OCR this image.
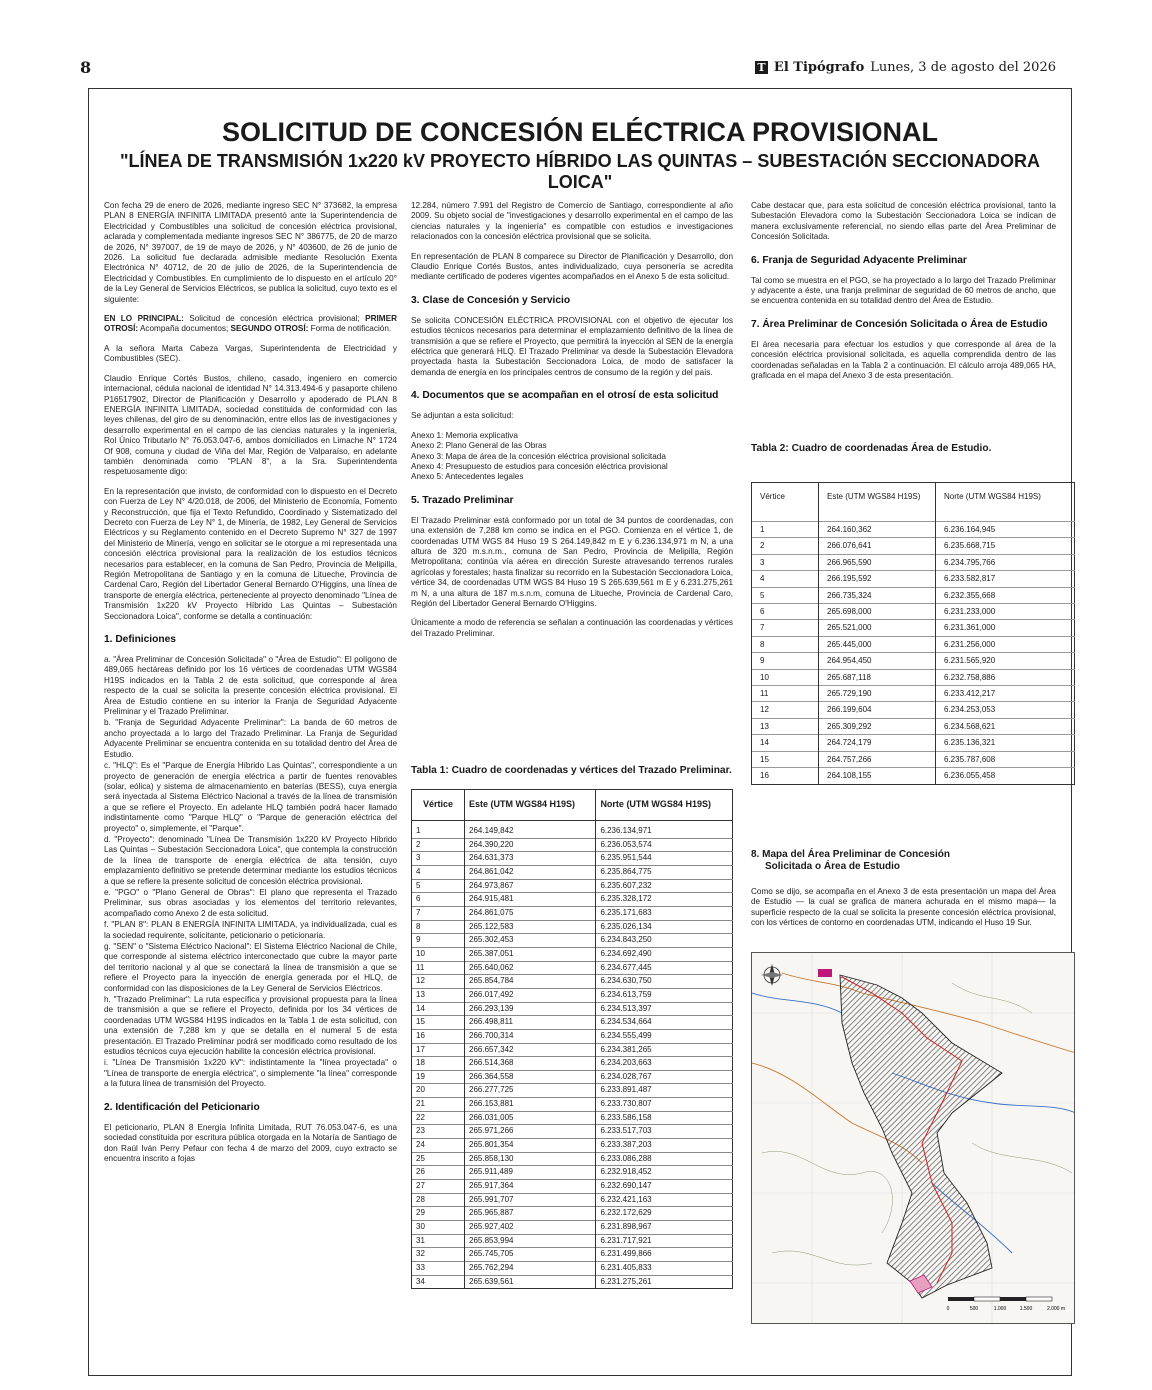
8	T El Tipógrafo Lunes, 3 de agosto del 2026
SOLICITUD DE CONCESIÓN ELÉCTRICA PROVISIONAL
"LÍNEA DE TRANSMISIÓN 1x220 kV PROYECTO HÍBRIDO LAS QUINTAS – SUBESTACIÓN SECCIONADORA LOICA"

Con fecha 29 de enero de 2026, mediante ingreso SEC N° 373682, la empresa PLAN 8 ENERGÍA INFINITA LIMITADA presentó ante la Superintendencia de Electricidad y Combustibles una solicitud de concesión eléctrica provisional, aclarada y complementada mediante ingresos SEC N° 386775, de 20 de marzo de 2026, N° 397007, de 19 de mayo de 2026, y N° 403600, de 26 de junio de 2026. La solicitud fue declarada admisible mediante Resolución Exenta Electrónica N° 40712, de 20 de julio de 2026, de la Superintendencia de Electricidad y Combustibles. En cumplimiento de lo dispuesto en el artículo 20° de la Ley General de Servicios Eléctricos, se publica la solicitud, cuyo texto es el siguiente:

EN LO PRINCIPAL: Solicitud de concesión eléctrica provisional; PRIMER OTROSÍ: Acompaña documentos; SEGUNDO OTROSÍ: Forma de notificación.

A la señora Marta Cabeza Vargas, Superintendenta de Electricidad y Combustibles (SEC).

Claudio Enrique Cortés Bustos, chileno, casado, ingeniero en comercio internacional, cédula nacional de identidad N° 14.313.494-6 y pasaporte chileno P16517902, Director de Planificación y Desarrollo y apoderado de PLAN 8 ENERGÍA INFINITA LIMITADA, sociedad constituida de conformidad con las leyes chilenas, del giro de su denominación, entre ellos las de investigaciones y desarrollo experimental en el campo de las ciencias naturales y la ingeniería, Rol Único Tributario N° 76.053.047-6, ambos domiciliados en Limache N° 1724 Of 908, comuna y ciudad de Viña del Mar, Región de Valparaíso, en adelante también denominada como "PLAN 8", a la Sra. Superintendenta respetuosamente digo:

En la representación que invisto, de conformidad con lo dispuesto en el Decreto con Fuerza de Ley N° 4/20.018, de 2006, del Ministerio de Economía, Fomento y Reconstrucción, que fija el Texto Refundido, Coordinado y Sistematizado del Decreto con Fuerza de Ley N° 1, de Minería, de 1982, Ley General de Servicios Eléctricos y su Reglamento contenido en el Decreto Supremo N° 327 de 1997 del Ministerio de Minería, vengo en solicitar se le otorgue a mi representada una concesión eléctrica provisional para la realización de los estudios técnicos necesarios para establecer, en la comuna de San Pedro, Provincia de Melipilla, Región Metropolitana de Santiago y en la comuna de Litueche, Provincia de Cardenal Caro, Región del Libertador General Bernardo O'Higgins, una línea de transporte de energía eléctrica, perteneciente al proyecto denominado "Línea de Transmisión 1x220 kV Proyecto Híbrido Las Quintas – Subestación Seccionadora Loica", conforme se detalla a continuación:

1. Definiciones

a. "Área Preliminar de Concesión Solicitada" o "Área de Estudio": El polígono de 489,065 hectáreas definido por los 16 vértices de coordenadas UTM WGS84 H19S indicados en la Tabla 2 de esta solicitud, que corresponde al área respecto de la cual se solicita la presente concesión eléctrica provisional. El Área de Estudio contiene en su interior la Franja de Seguridad Adyacente Preliminar y el Trazado Preliminar.

b. "Franja de Seguridad Adyacente Preliminar": La banda de 60 metros de ancho proyectada a lo largo del Trazado Preliminar. La Franja de Seguridad Adyacente Preliminar se encuentra contenida en su totalidad dentro del Área de Estudio.

c. "HLQ": Es el "Parque de Energía Híbrido Las Quintas", correspondiente a un proyecto de generación de energía eléctrica a partir de fuentes renovables (solar, eólica) y sistema de almacenamiento en baterías (BESS), cuya energía será inyectada al Sistema Eléctrico Nacional a través de la línea de transmisión a que se refiere el Proyecto. En adelante HLQ también podrá hacer llamado indistintamente como "Parque HLQ" o "Parque de generación eléctrica del proyecto" o, simplemente, el "Parque".

d. "Proyecto": denominado "Línea De Transmisión 1x220 kV Proyecto Híbrido Las Quintas – Subestación Seccionadora Loica", que contempla la construcción de la línea de transporte de energía eléctrica de alta tensión, cuyo emplazamiento definitivo se pretende determinar mediante los estudios técnicos a que se refiere la presente solicitud de concesión eléctrica provisional.

e. "PGO" o "Plano General de Obras": El plano que representa el Trazado Preliminar, sus obras asociadas y los elementos del territorio relevantes, acompañado como Anexo 2 de esta solicitud.

f. "PLAN 8": PLAN 8 ENERGÍA INFINITA LIMITADA, ya individualizada, cual es la sociedad requirente, solicitante, peticionario o peticionaria.

g. "SEN" o "Sistema Eléctrico Nacional": El Sistema Eléctrico Nacional de Chile, que corresponde al sistema eléctrico interconectado que cubre la mayor parte del territorio nacional y al que se conectará la línea de transmisión a que se refiere el Proyecto para la inyección de energía generada por el HLQ, de conformidad con las disposiciones de la Ley General de Servicios Eléctricos.

h. "Trazado Preliminar": La ruta específica y provisional propuesta para la línea de transmisión a que se refiere el Proyecto, definida por los 34 vértices de coordenadas UTM WGS84 H19S indicados en la Tabla 1 de esta solicitud, con una extensión de 7,288 km y que se detalla en el numeral 5 de esta presentación. El Trazado Preliminar podrá ser modificado como resultado de los estudios técnicos cuya ejecución habilite la concesión eléctrica provisional.

i. "Línea De Transmisión 1x220 kV": indistintamente la "línea proyectada" o "Línea de transporte de energía eléctrica", o simplemente "la línea" corresponde a la futura línea de transmisión del Proyecto.

2. Identificación del Peticionario

El peticionario, PLAN 8 Energía Infinita Limitada, RUT 76.053.047-6, es una sociedad constituida por escritura pública otorgada en la Notaría de Santiago de don Raúl Iván Perry Pefaur con fecha 4 de marzo del 2009, cuyo extracto se encuentra inscrito a fojas

12.284, número 7.991 del Registro de Comercio de Santiago, correspondiente al año 2009. Su objeto social de "investigaciones y desarrollo experimental en el campo de las ciencias naturales y la ingeniería" es compatible con estudios e investigaciones relacionados con la concesión eléctrica provisional que se solicita.

En representación de PLAN 8 comparece su Director de Planificación y Desarrollo, don Claudio Enrique Cortés Bustos, antes individualizado, cuya personería se acredita mediante certificado de poderes vigentes acompañados en el Anexo 5 de esta solicitud.

3. Clase de Concesión y Servicio

Se solicita CONCESIÓN ELÉCTRICA PROVISIONAL con el objetivo de ejecutar los estudios técnicos necesarios para determinar el emplazamiento definitivo de la línea de transmisión a que se refiere el Proyecto, que permitirá la inyección al SEN de la energía eléctrica que generará HLQ. El Trazado Preliminar va desde la Subestación Elevadora proyectada hasta la Subestación Seccionadora Loica, de modo de satisfacer la demanda de energía en los principales centros de consumo de la región y del país.

4. Documentos que se acompañan en el otrosí de esta solicitud

Se adjuntan a esta solicitud:

Anexo 1: Memoria explicativa
Anexo 2: Plano General de las Obras
Anexo 3: Mapa de área de la concesión eléctrica provisional solicitada
Anexo 4: Presupuesto de estudios para concesión eléctrica provisional
Anexo 5: Antecedentes legales
5. Trazado Preliminar

El Trazado Preliminar está conformado por un total de 34 puntos de coordenadas, con una extensión de 7,288 km como se indica en el PGO. Comienza en el vértice 1, de coordenadas UTM WGS 84 Huso 19 S 264.149,842 m E y 6.236.134,971 m N, a una altura de 320 m.s.n.m., comuna de San Pedro, Provincia de Melipilla, Región Metropolitana; continúa vía aérea en dirección Sureste atravesando terrenos rurales agrícolas y forestales; hasta finalizar su recorrido en la Subestación Seccionadora Loica, vértice 34, de coordenadas UTM WGS 84 Huso 19 S 265.639,561 m E y 6.231.275,261 m N, a una altura de 187 m.s.n.m, comuna de Litueche, Provincia de Cardenal Caro, Región del Libertador General Bernardo O'Higgins.

Únicamente a modo de referencia se señalan a continuación las coordenadas y vértices del Trazado Preliminar.

Tabla 1: Cuadro de coordenadas y vértices del Trazado Preliminar.
Vértice	Este (UTM WGS84 H19S)	Norte (UTM WGS84 H19S)
1	264.149,842	6.236.134,971
2	264.390,220	6.236.053,574
3	264.631,373	6.235.951,544
4	264.861,042	6.235.864,775
5	264.973,867	6.235.607,232
6	264.915,481	6.235.328,172
7	264.861,075	6.235.171,683
8	265.122,583	6.235.026,134
9	265.302,453	6.234.843,250
10	265.387,051	6.234.692,490
11	265.640,062	6.234.677,445
12	265.854,784	6.234.630,750
13	266.017,492	6.234.613,759
14	266.293,139	6.234.513,397
15	266.498,811	6.234.534,664
16	266.700,314	6.234.555,499
17	266.657,342	6.234.381,265
18	266.514,368	6.234.203,663
19	266.364,558	6.234.028,767
20	266.277,725	6.233.891,487
21	266.153,881	6.233.730,807
22	266.031,005	6.233.586,158
23	265.971,266	6.233.517,703
24	265.801,354	6.233.387,203
25	265.858,130	6.233.086,288
26	265.911,489	6.232.918,452
27	265.917,364	6.232.690,147
28	265.991,707	6.232.421,163
29	265.965,887	6.232.172,629
30	265.927,402	6.231.898,967
31	265.853,994	6.231.717,921
32	265.745,705	6.231.499,866
33	265.762,294	6.231.405,833
34	265.639,561	6.231.275,261

Cabe destacar que, para esta solicitud de concesión eléctrica provisional, tanto la Subestación Elevadora como la Subestación Seccionadora Loica se indican de manera exclusivamente referencial, no siendo ellas parte del Área Preliminar de Concesión Solicitada.

6. Franja de Seguridad Adyacente Preliminar

Tal como se muestra en el PGO, se ha proyectado a lo largo del Trazado Preliminar y adyacente a éste, una franja preliminar de seguridad de 60 metros de ancho, que se encuentra contenida en su totalidad dentro del Área de Estudio.

7. Área Preliminar de Concesión Solicitada o Área de Estudio

El área necesaria para efectuar los estudios y que corresponde al área de la concesión eléctrica provisional solicitada, es aquella comprendida dentro de las coordenadas señaladas en la Tabla 2 a continuación. El cálculo arroja 489,065 HA, graficada en el mapa del Anexo 3 de esta presentación.

Tabla 2: Cuadro de coordenadas Área de Estudio.
Vértice	Este (UTM WGS84 H19S)	Norte (UTM WGS84 H19S)
1	264.160,362	6.236.164,945
2	266.076,641	6.235.668,715
3	266.965,590	6.234.795,766
4	266.195,592	6.233.582,817
5	266.735,324	6.232.355,668
6	265.698,000	6.231.233,000
7	265.521,000	6.231.361,000
8	265.445,000	6.231.256,000
9	264.954,450	6.231.565,920
10	265.687,118	6.232.758,886
11	265.729,190	6.233.412,217
12	266.199,604	6.234.253,053
13	265.309,292	6.234.568,621
14	264.724,179	6.235.136,321
15	264.757,266	6.235.787,608
16	264.108,155	6.236.055,458
8. Mapa del Área Preliminar de Concesión
Solicitada o Área de Estudio
Como se dijo, se acompaña en el Anexo 3 de esta presentación un mapa del Área de Estudio — la cual se grafica de manera achurada en el mismo mapa— la superficie respecto de la cual se solicita la presente concesión eléctrica provisional, con los vértices de contorno en coordenadas UTM, indicando el Huso 19 Sur.
0	500	1.000	1.500	2.000 m
